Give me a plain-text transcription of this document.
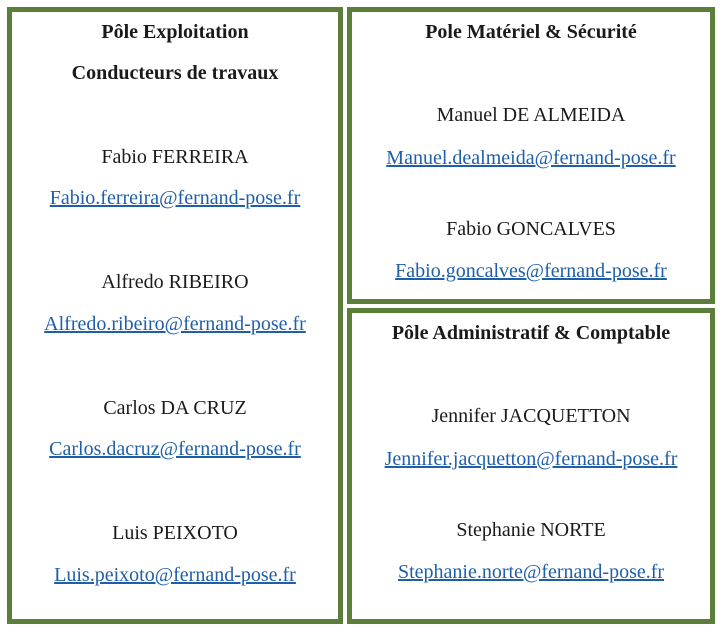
Pôle Exploitation
Conducteurs de travaux
Fabio FERREIRA
Fabio.ferreira@fernand-pose.fr
Alfredo RIBEIRO
Alfredo.ribeiro@fernand-pose.fr
Carlos DA CRUZ
Carlos.dacruz@fernand-pose.fr
Luis PEIXOTO
Luis.peixoto@fernand-pose.fr
Pole Matériel & Sécurité
Manuel DE ALMEIDA
Manuel.dealmeida@fernand-pose.fr
Fabio GONCALVES
Fabio.goncalves@fernand-pose.fr
Pôle Administratif & Comptable
Jennifer JACQUETTON
Jennifer.jacquetton@fernand-pose.fr
Stephanie NORTE
Stephanie.norte@fernand-pose.fr
